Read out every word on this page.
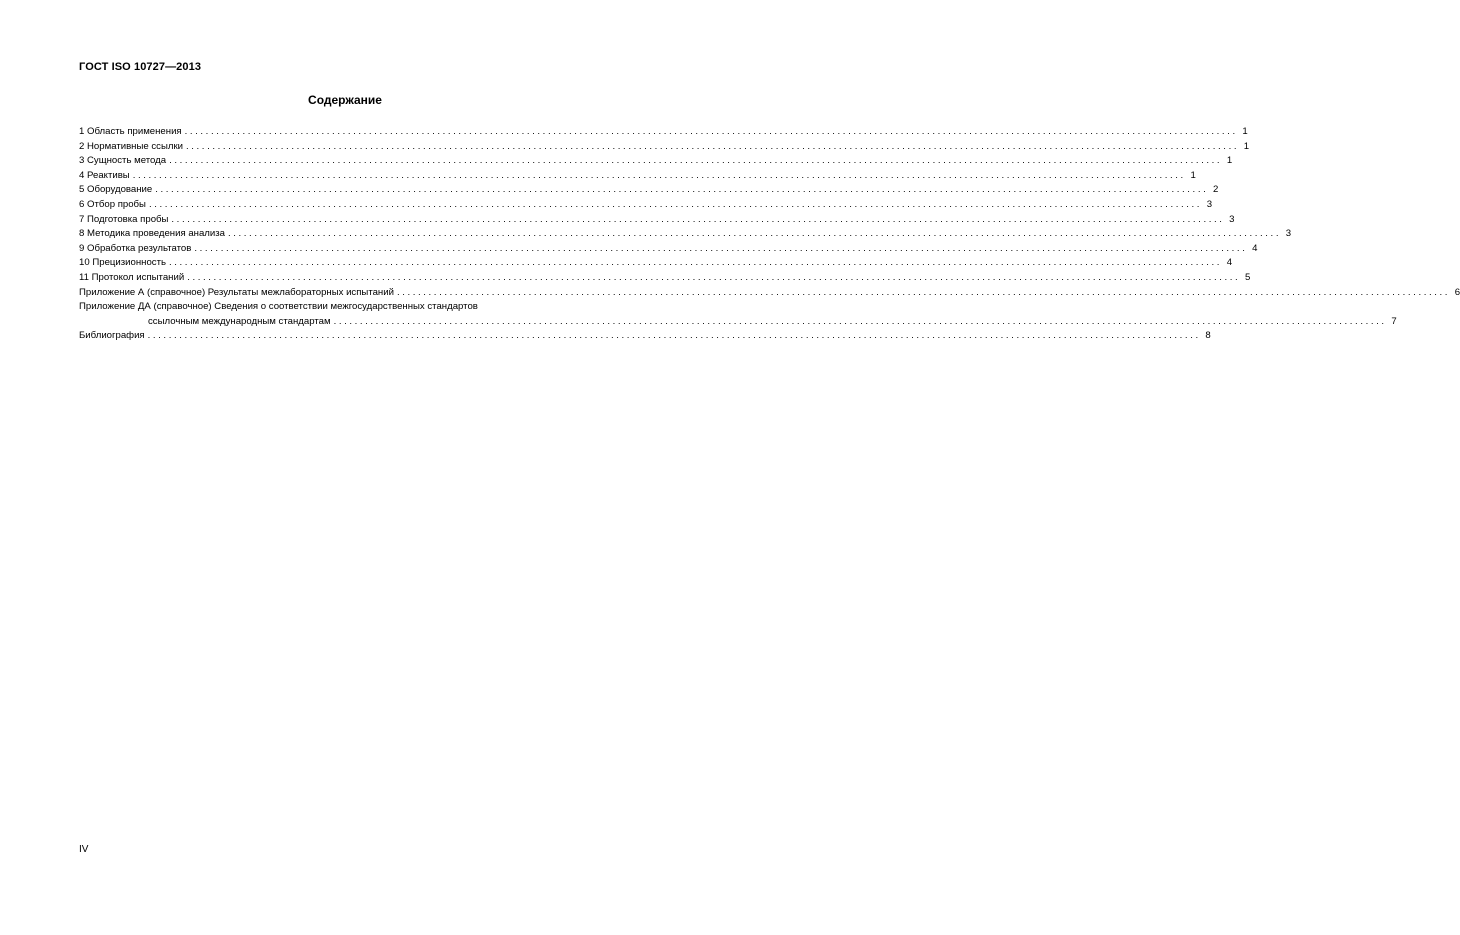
ГОСТ ISO 10727—2013
Содержание
1 Область применения ........................................................................................................................................................................................................ 1
2 Нормативные ссылки ........................................................................................................................................................................................................ 1
3 Сущность метода ........................................................................................................................................................................................................ 1
4 Реактивы ........................................................................................................................................................................................................ 1
5 Оборудование ........................................................................................................................................................................................................ 2
6 Отбор пробы ........................................................................................................................................................................................................ 3
7 Подготовка пробы ........................................................................................................................................................................................................ 3
8 Методика проведения анализа ........................................................................................................................................................................................................ 3
9 Обработка результатов ........................................................................................................................................................................................................ 4
10 Прецизионность ........................................................................................................................................................................................................ 4
11 Протокол испытаний ........................................................................................................................................................................................................ 5
Приложение А (справочное) Результаты межлабораторных испытаний ........................................................................................................................................................................................................ 6
Приложение ДА (справочное) Сведения о соответствии межгосударственных стандартов
ссылочным международным стандартам ........................................................................................................................................................................................................ 7
Библиография ........................................................................................................................................................................................................ 8
IV
